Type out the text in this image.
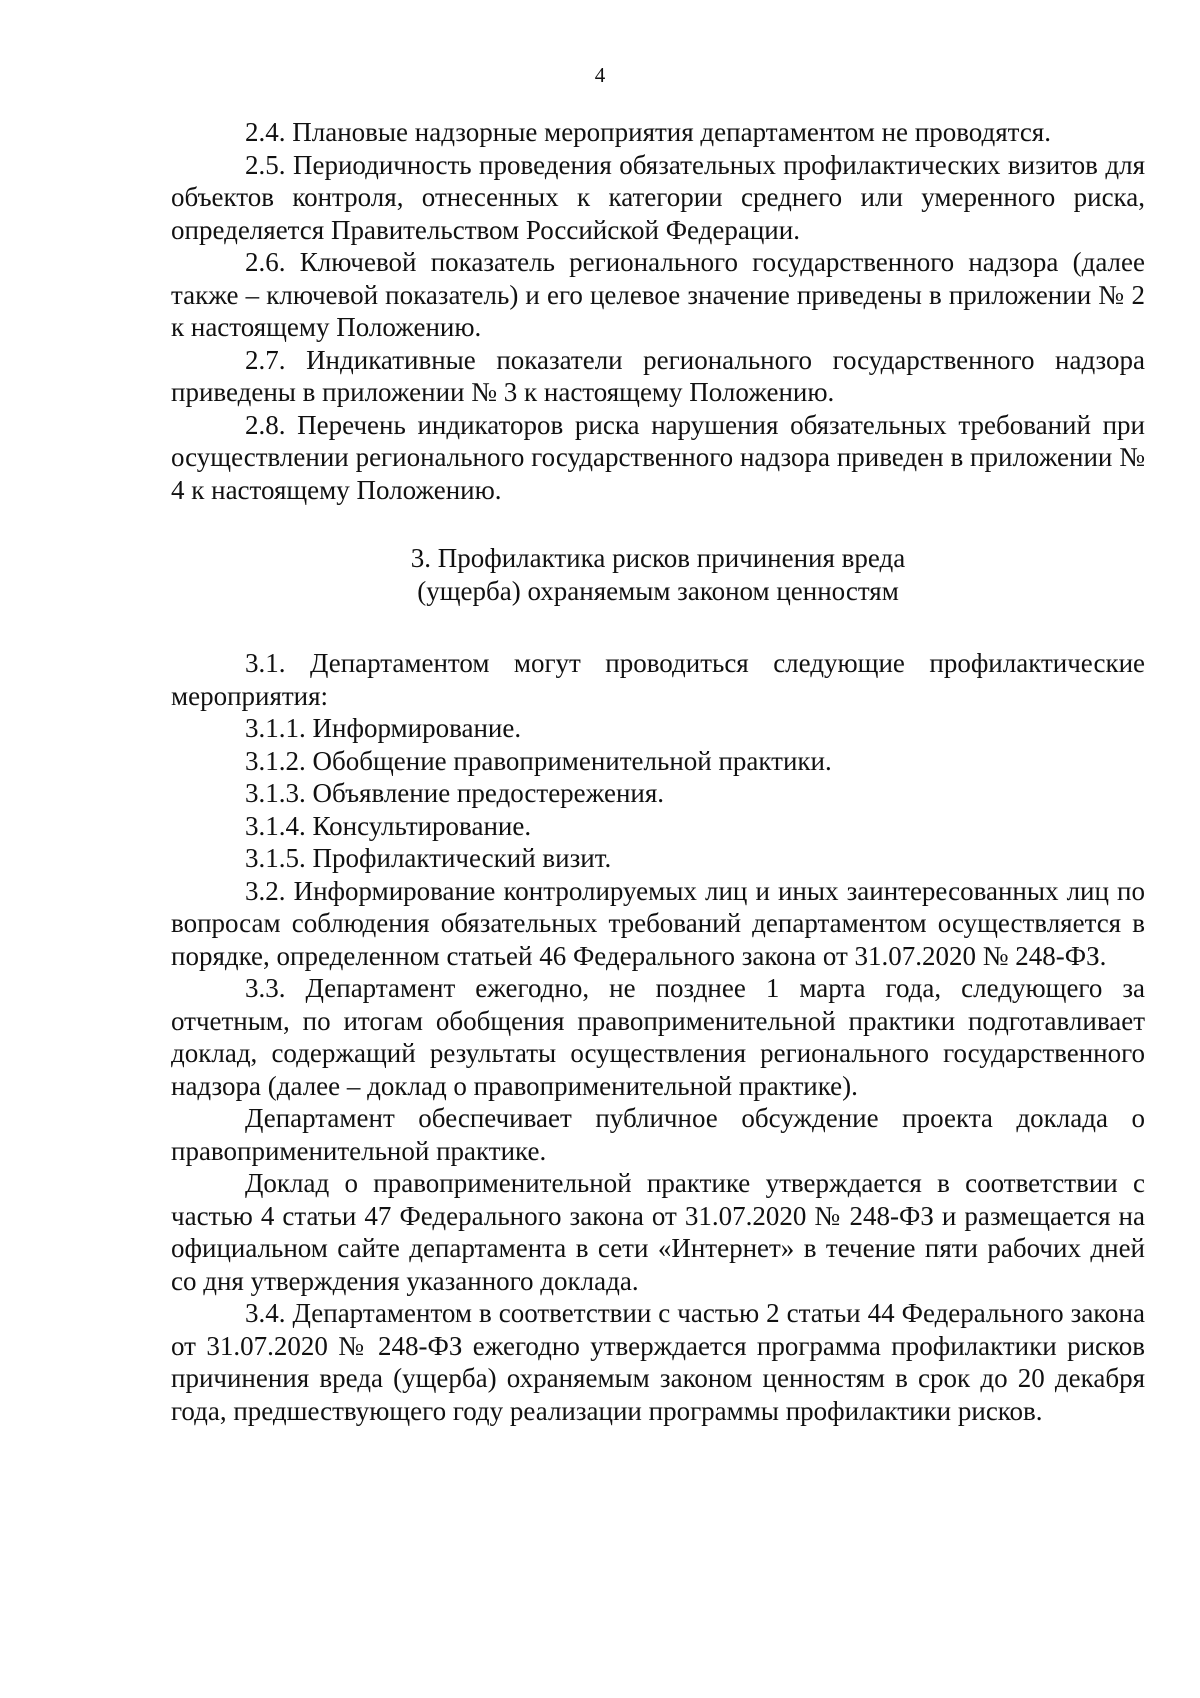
4

2.4. Плановые надзорные мероприятия департаментом не проводятся.

2.5. Периодичность проведения обязательных профилактических визитов для объектов контроля, отнесенных к категории среднего или умеренного риска, определяется Правительством Российской Федерации.

2.6. Ключевой показатель регионального государственного надзора (далее также – ключевой показатель) и его целевое значение приведены в приложении № 2 к настоящему Положению.

2.7. Индикативные показатели регионального государственного надзора приведены в приложении № 3 к настоящему Положению.

2.8. Перечень индикаторов риска нарушения обязательных требований при осуществлении регионального государственного надзора приведен в приложении № 4 к настоящему Положению.

3. Профилактика рисков причинения вреда
(ущерба) охраняемым законом ценностям

3.1. Департаментом могут проводиться следующие профилактические мероприятия:

3.1.1. Информирование.

3.1.2. Обобщение правоприменительной практики.

3.1.3. Объявление предостережения.

3.1.4. Консультирование.

3.1.5. Профилактический визит.

3.2. Информирование контролируемых лиц и иных заинтересованных лиц по вопросам соблюдения обязательных требований департаментом осуществляется в порядке, определенном статьей 46 Федерального закона от 31.07.2020 № 248-ФЗ.

3.3. Департамент ежегодно, не позднее 1 марта года, следующего за отчетным, по итогам обобщения правоприменительной практики подготавливает доклад, содержащий результаты осуществления регионального государственного надзора (далее – доклад о правоприменительной практике).

Департамент обеспечивает публичное обсуждение проекта доклада о правоприменительной практике.

Доклад о правоприменительной практике утверждается в соответствии с частью 4 статьи 47 Федерального закона от 31.07.2020 № 248-ФЗ и размещается на официальном сайте департамента в сети «Интернет» в течение пяти рабочих дней со дня утверждения указанного доклада.

3.4. Департаментом в соответствии с частью 2 статьи 44 Федерального закона от 31.07.2020 № 248-ФЗ ежегодно утверждается программа профилактики рисков причинения вреда (ущерба) охраняемым законом ценностям в срок до 20 декабря года, предшествующего году реализации программы профилактики рисков.
